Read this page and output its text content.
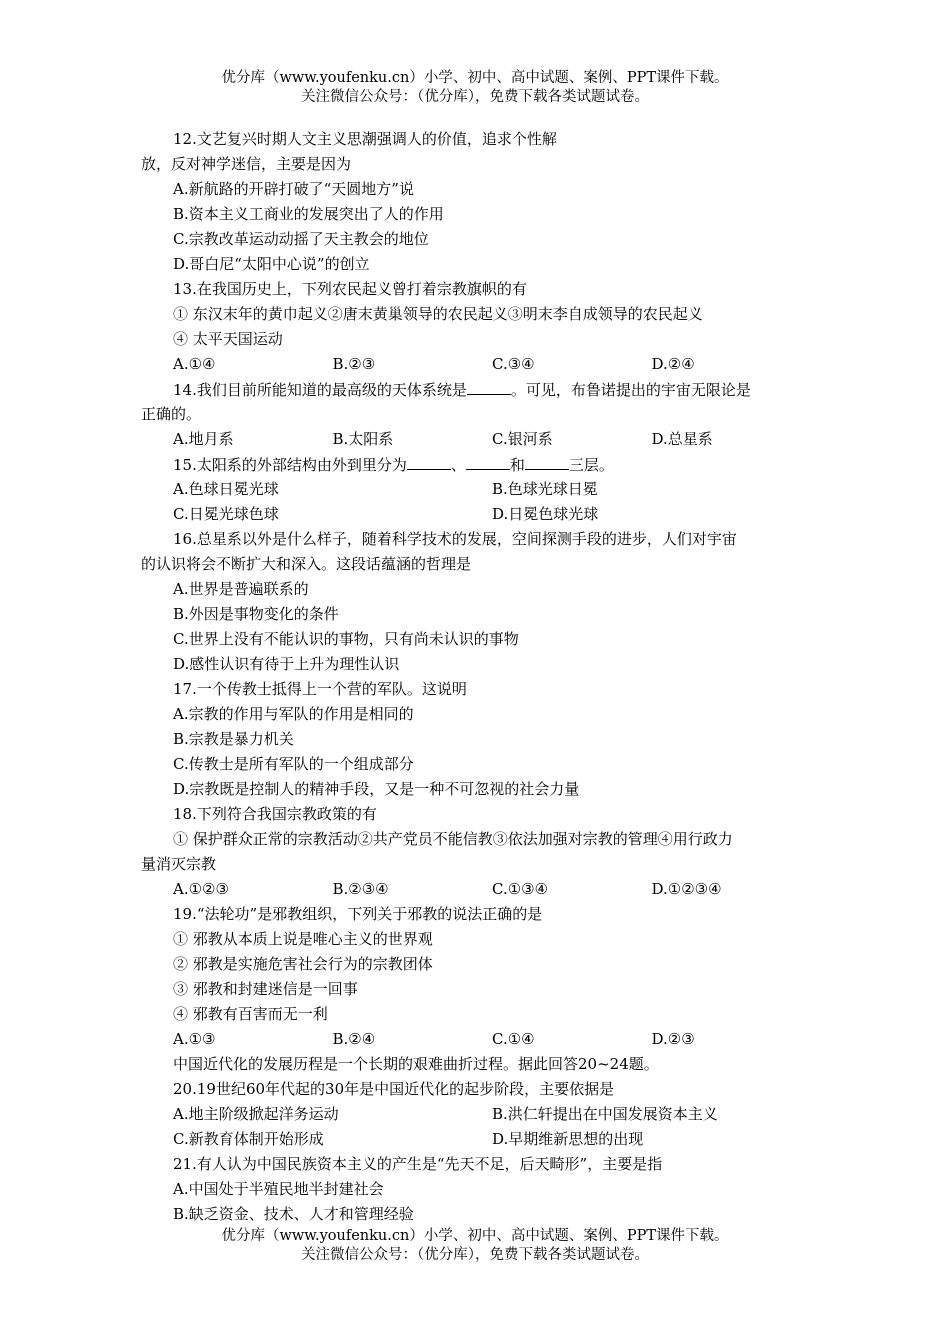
优分库（www.youfenku.cn）小学、初中、高中试题、案例、PPT课件下载。
关注微信公众号：（优分库），免费下载各类试题试卷。
12.文艺复兴时期人文主义思潮强调人的价值，追求个性解
放，反对神学迷信，主要是因为
A.新航路的开辟打破了“天圆地方”说
B.资本主义工商业的发展突出了人的作用
C.宗教改革运动动摇了天主教会的地位
D.哥白尼“太阳中心说”的创立
13.在我国历史上，下列农民起义曾打着宗教旗帜的有
① 东汉末年的黄巾起义②唐末黄巢领导的农民起义③明末李自成领导的农民起义
④ 太平天国运动
A.①④	B.②③	C.③④	D.②④
14.我们目前所能知道的最高级的天体系统是	。可见，布鲁诺提出的宇宙无限论是
正确的。
A.地月系	B.太阳系	C.银河系	D.总星系
15.太阳系的外部结构由外到里分为	、	和	三层。
A.色球日冕光球	B.色球光球日冕
C.日冕光球色球	D.日冕色球光球
16.总星系以外是什么样子，随着科学技术的发展，空间探测手段的进步，人们对宇宙
的认识将会不断扩大和深入。这段话蕴涵的哲理是
A.世界是普遍联系的
B.外因是事物变化的条件
C.世界上没有不能认识的事物，只有尚未认识的事物
D.感性认识有待于上升为理性认识
17.一个传教士抵得上一个营的军队。这说明
A.宗教的作用与军队的作用是相同的
B.宗教是暴力机关
C.传教士是所有军队的一个组成部分
D.宗教既是控制人的精神手段，又是一种不可忽视的社会力量
18.下列符合我国宗教政策的有
① 保护群众正常的宗教活动②共产党员不能信教③依法加强对宗教的管理④用行政力
量消灭宗教
A.①②③	B.②③④	C.①③④	D.①②③④
19.“法轮功”是邪教组织，下列关于邪教的说法正确的是
① 邪教从本质上说是唯心主义的世界观
② 邪教是实施危害社会行为的宗教团体
③ 邪教和封建迷信是一回事
④ 邪教有百害而无一利
A.①③	B.②④	C.①④	D.②③
中国近代化的发展历程是一个长期的艰难曲折过程。据此回答20~24题。
20.19世纪60年代起的30年是中国近代化的起步阶段，主要依据是
A.地主阶级掀起洋务运动	B.洪仁轩提出在中国发展资本主义
C.新教育体制开始形成	D.早期维新思想的出现
21.有人认为中国民族资本主义的产生是“先天不足，后天畸形”，主要是指
A.中国处于半殖民地半封建社会
B.缺乏资金、技术、人才和管理经验
优分库（www.youfenku.cn）小学、初中、高中试题、案例、PPT课件下载。
关注微信公众号：（优分库），免费下载各类试题试卷。
